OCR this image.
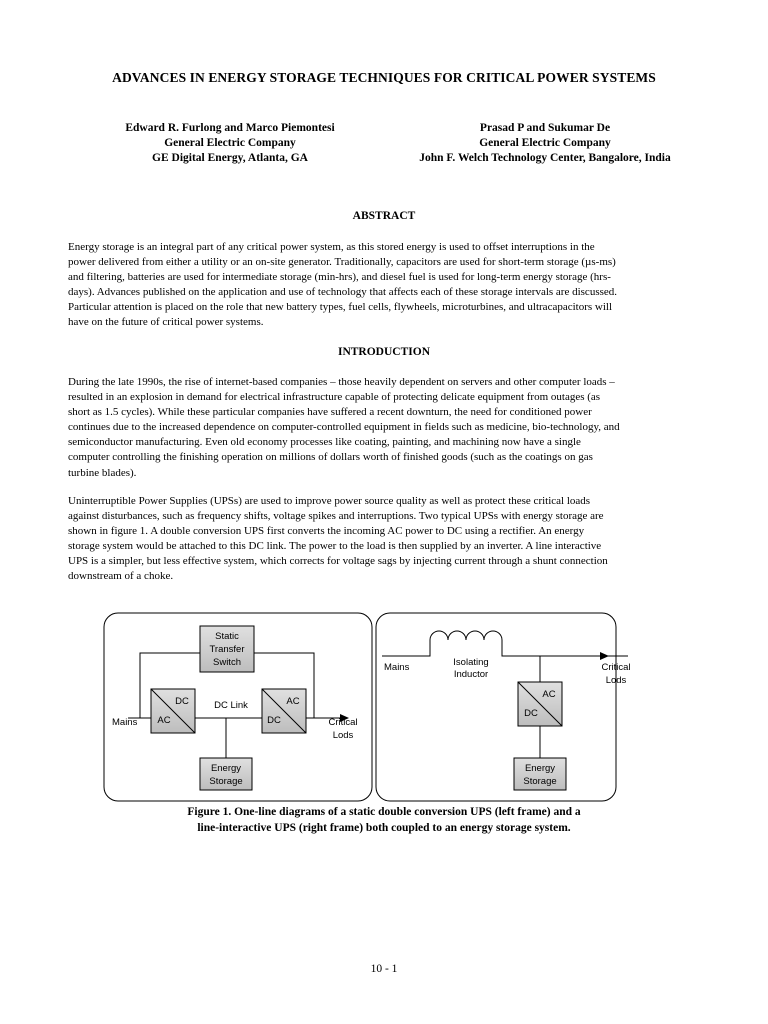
ADVANCES IN ENERGY STORAGE TECHNIQUES FOR CRITICAL POWER SYSTEMS
Edward R. Furlong and Marco Piemontesi
General Electric Company
GE Digital Energy, Atlanta, GA
Prasad P and Sukumar De
General Electric Company
John F. Welch Technology Center, Bangalore, India
ABSTRACT

Energy storage is an integral part of any critical power system, as this stored energy is used to offset interruptions in the
power delivered from either a utility or an on-site generator. Traditionally, capacitors are used for short-term storage (µs-ms)
and filtering, batteries are used for intermediate storage (min-hrs), and diesel fuel is used for long-term energy storage (hrs-
days). Advances published on the application and use of technology that affects each of these storage intervals are discussed.
Particular attention is placed on the role that new battery types, fuel cells, flywheels, microturbines, and ultracapacitors will
have on the future of critical power systems.

INTRODUCTION

During the late 1990s, the rise of internet-based companies – those heavily dependent on servers and other computer loads –
resulted in an explosion in demand for electrical infrastructure capable of protecting delicate equipment from outages (as
short as 1.5 cycles). While these particular companies have suffered a recent downturn, the need for conditioned power
continues due to the increased dependence on computer-controlled equipment in fields such as medicine, bio-technology, and
semiconductor manufacturing. Even old economy processes like coating, painting, and machining now have a single
computer controlling the finishing operation on millions of dollars worth of finished goods (such as the coatings on gas
turbine blades).

Uninterruptible Power Supplies (UPSs) are used to improve power source quality as well as protect these critical loads
against disturbances, such as frequency shifts, voltage spikes and interruptions. Two typical UPSs with energy storage are
shown in figure 1. A double conversion UPS first converts the incoming AC power to DC using a rectifier. An energy
storage system would be attached to this DC link. The power to the load is then supplied by an inverter. A line interactive
UPS is a simpler, but less effective system, which corrects for voltage sags by injecting current through a shunt connection
downstream of a choke.

Static
Transfer
Switch
DC
AC
AC
DC
Energy
Storage
Mains
DC Link
Critical
Lods
AC
DC
Energy
Storage
Mains	Isolating
Inductor
Critical
Lods
Figure 1. One-line diagrams of a static double conversion UPS (left frame) and a
line-interactive UPS (right frame) both coupled to an energy storage system.
10 - 1
